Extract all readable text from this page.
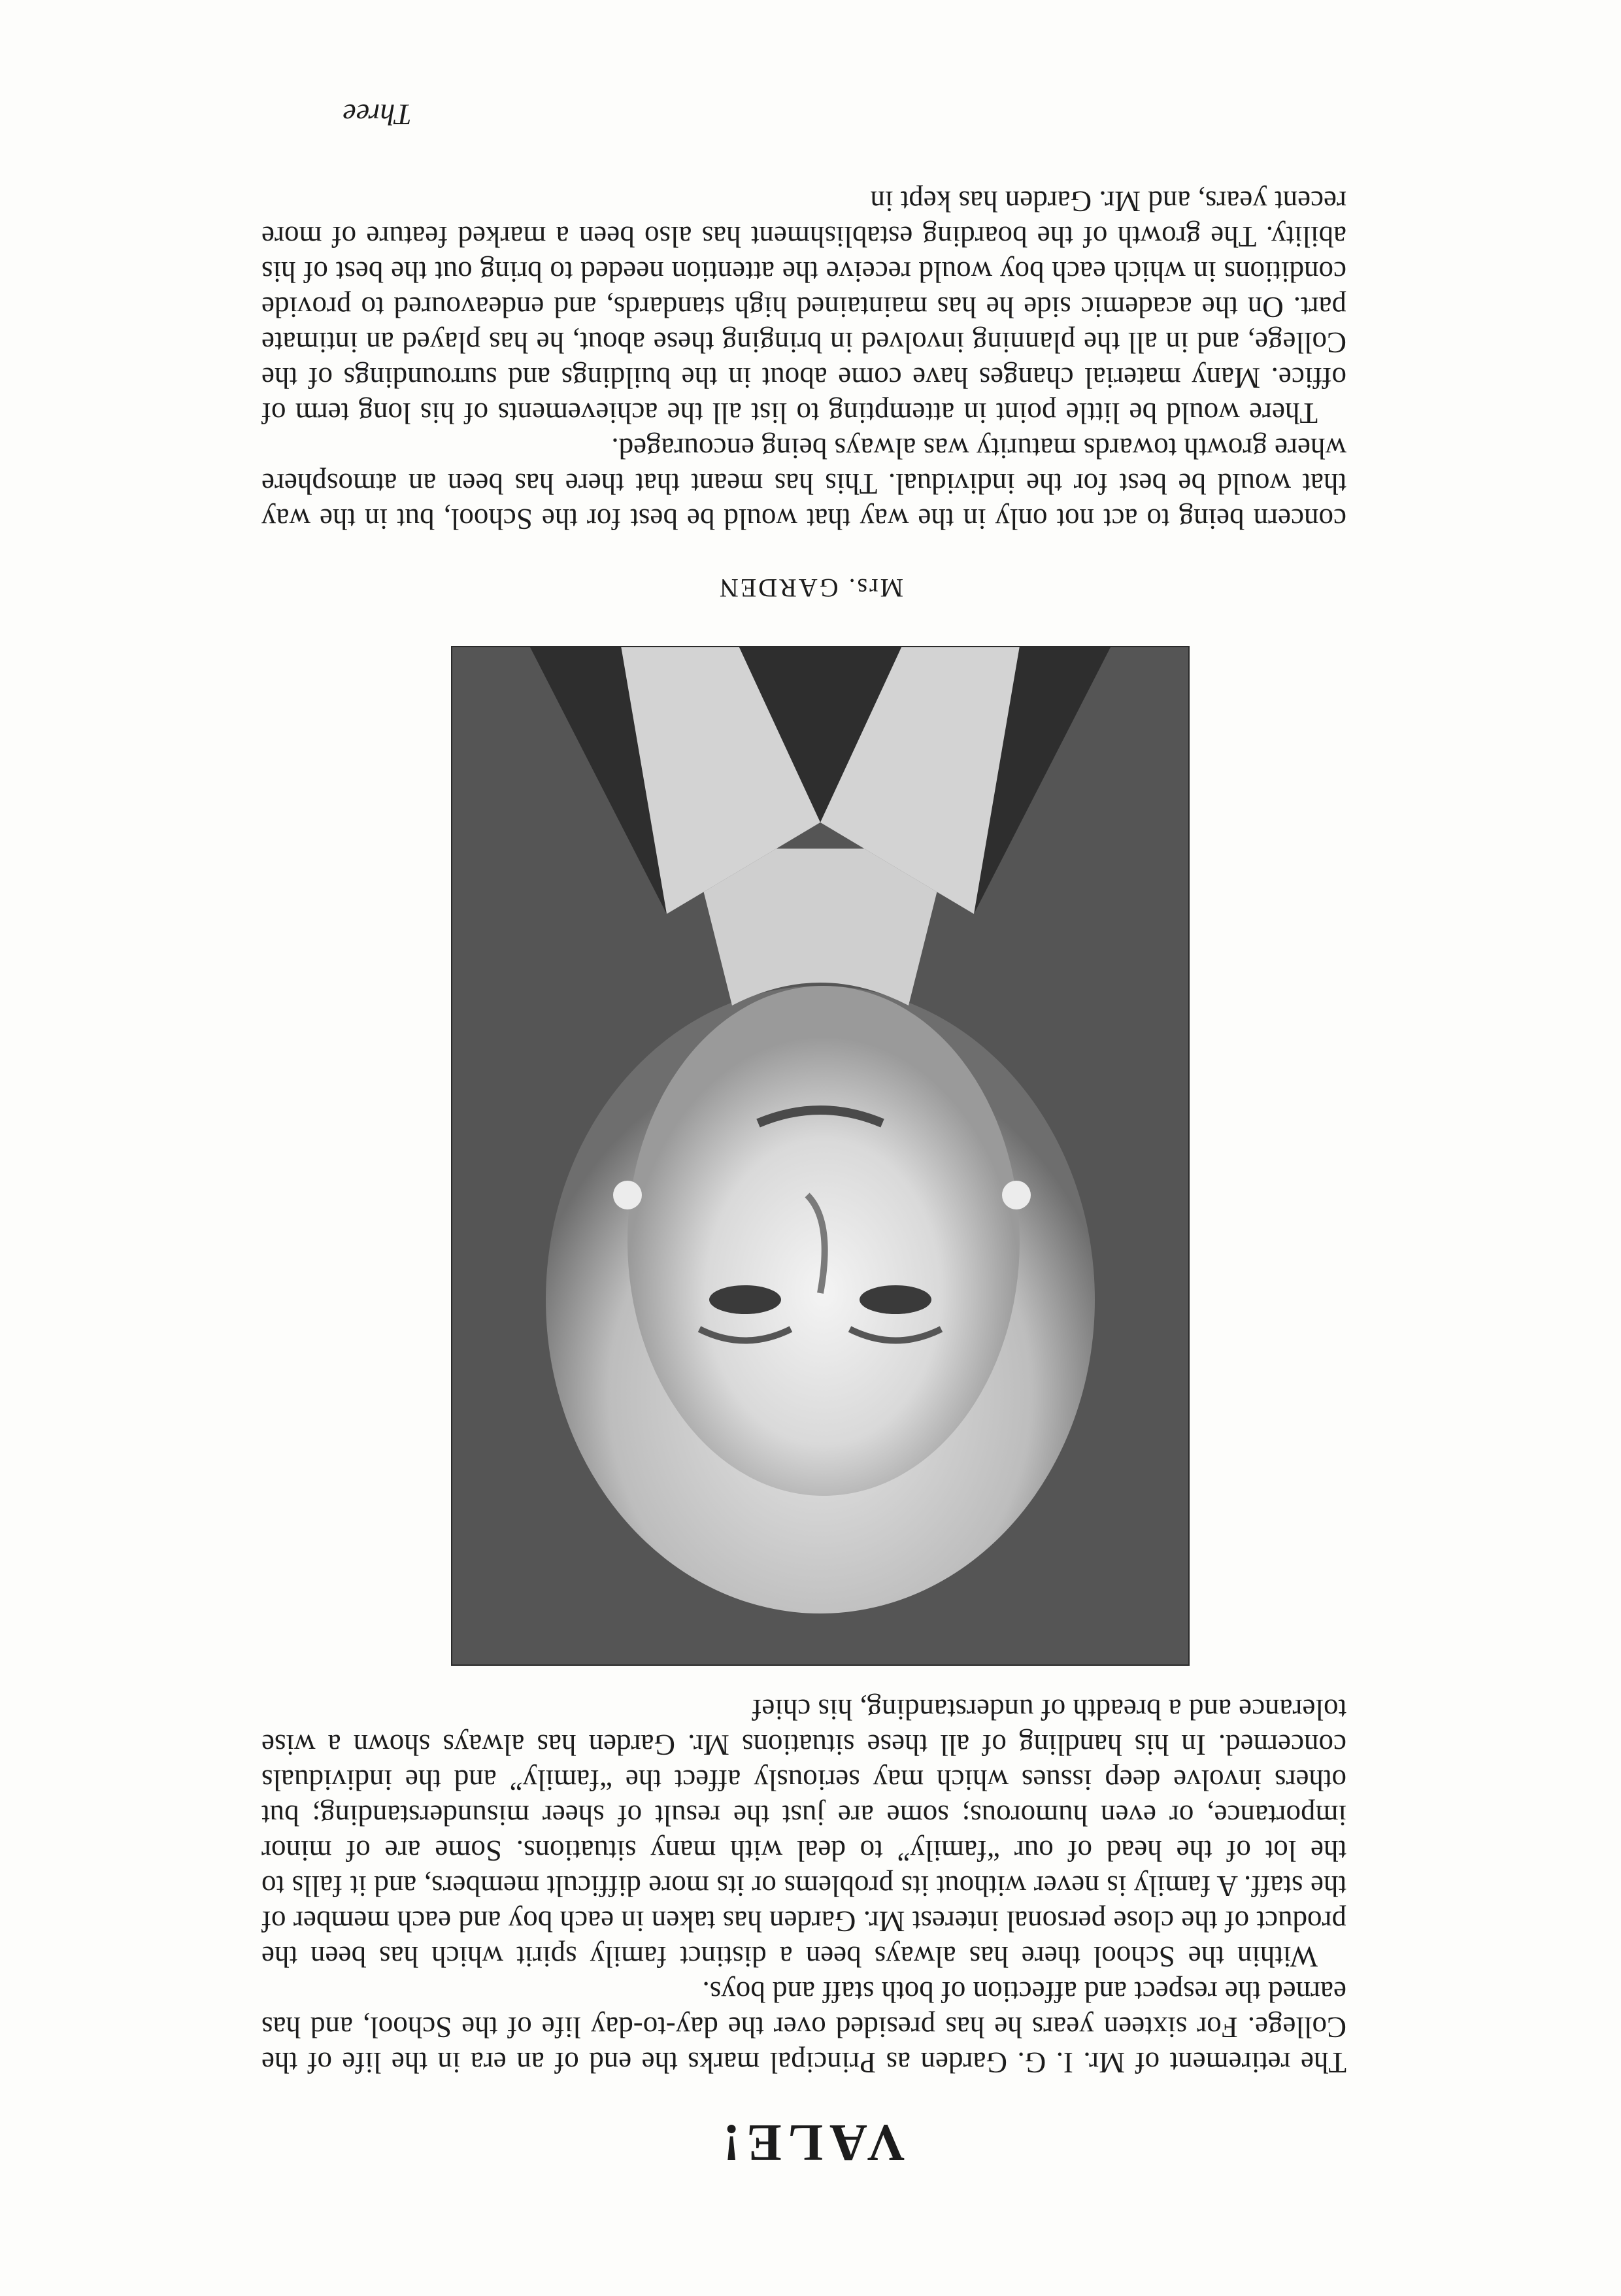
VALE!

The retirement of Mr. I. G. Garden as Principal marks the end of an era in the life of the College. For sixteen years he has presided over the day-to-day life of the School, and has earned the respect and affection of both staff and boys.

Within the School there has always been a distinct family spirit which has been the product of the close personal interest Mr. Garden has taken in each boy and each member of the staff. A family is never without its problems or its more difficult members, and it falls to the lot of the head of our “family” to deal with many situations. Some are of minor importance, or even humorous; some are just the result of sheer misunderstanding; but others involve deep issues which may seriously affect the “family” and the individuals concerned. In his handling of all these situations Mr. Garden has always shown a wise tolerance and a breadth of understanding, his chief

Mrs. GARDEN

concern being to act not only in the way that would be best for the School, but in the way that would be best for the individual. This has meant that there has been an atmosphere where growth towards maturity was always being encouraged.

There would be little point in attempting to list all the achievements of his long term of office. Many material changes have come about in the buildings and surroundings of the College, and in all the planning involved in bringing these about, he has played an intimate part. On the academic side he has maintained high standards, and endeavoured to provide conditions in which each boy would receive the attention needed to bring out the best of his ability. The growth of the boarding establishment has also been a marked feature of more recent years, and Mr. Garden has kept in

Three
